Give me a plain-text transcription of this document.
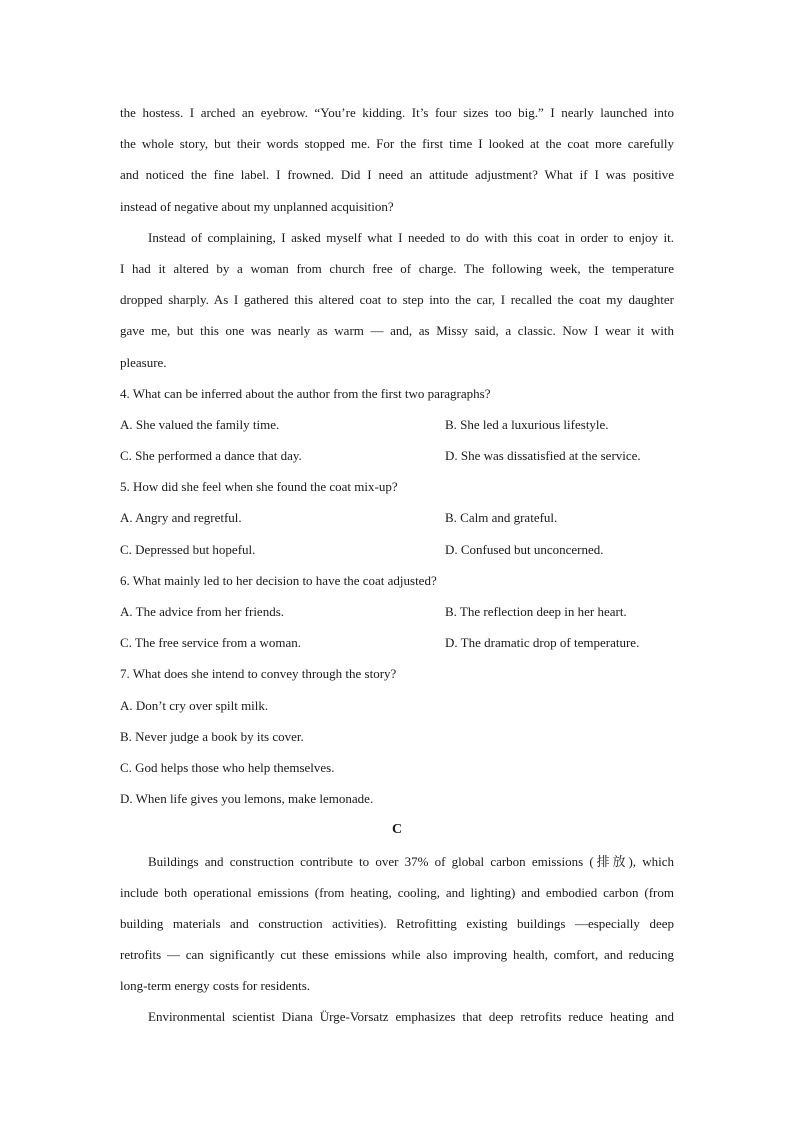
the hostess. I arched an eyebrow. “You’re kidding. It’s four sizes too big.” I nearly launched into
the whole story, but their words stopped me. For the first time I looked at the coat more carefully
and noticed the fine label. I frowned. Did I need an attitude adjustment? What if I was positive
instead of negative about my unplanned acquisition?
Instead of complaining, I asked myself what I needed to do with this coat in order to enjoy it.
I had it altered by a woman from church free of charge. The following week, the temperature
dropped sharply. As I gathered this altered coat to step into the car, I recalled the coat my daughter
gave me, but this one was nearly as warm — and, as Missy said, a classic. Now I wear it with
pleasure.
4. What can be inferred about the author from the first two paragraphs?
A. She valued the family time.	B. She led a luxurious lifestyle.
C. She performed a dance that day.	D. She was dissatisfied at the service.
5. How did she feel when she found the coat mix-up?
A. Angry and regretful.	B. Calm and grateful.
C. Depressed but hopeful.	D. Confused but unconcerned.
6. What mainly led to her decision to have the coat adjusted?
A. The advice from her friends.	B. The reflection deep in her heart.
C. The free service from a woman.	D. The dramatic drop of temperature.
7. What does she intend to convey through the story?
A. Don’t cry over spilt milk.
B. Never judge a book by its cover.
C. God helps those who help themselves.
D. When life gives you lemons, make lemonade.
C
Buildings and construction contribute to over 37% of global carbon emissions (排放), which
include both operational emissions (from heating, cooling, and lighting) and embodied carbon (from
building materials and construction activities). Retrofitting existing buildings —especially deep
retrofits — can significantly cut these emissions while also improving health, comfort, and reducing
long-term energy costs for residents.
Environmental scientist Diana Ürge-Vorsatz emphasizes that deep retrofits reduce heating and
